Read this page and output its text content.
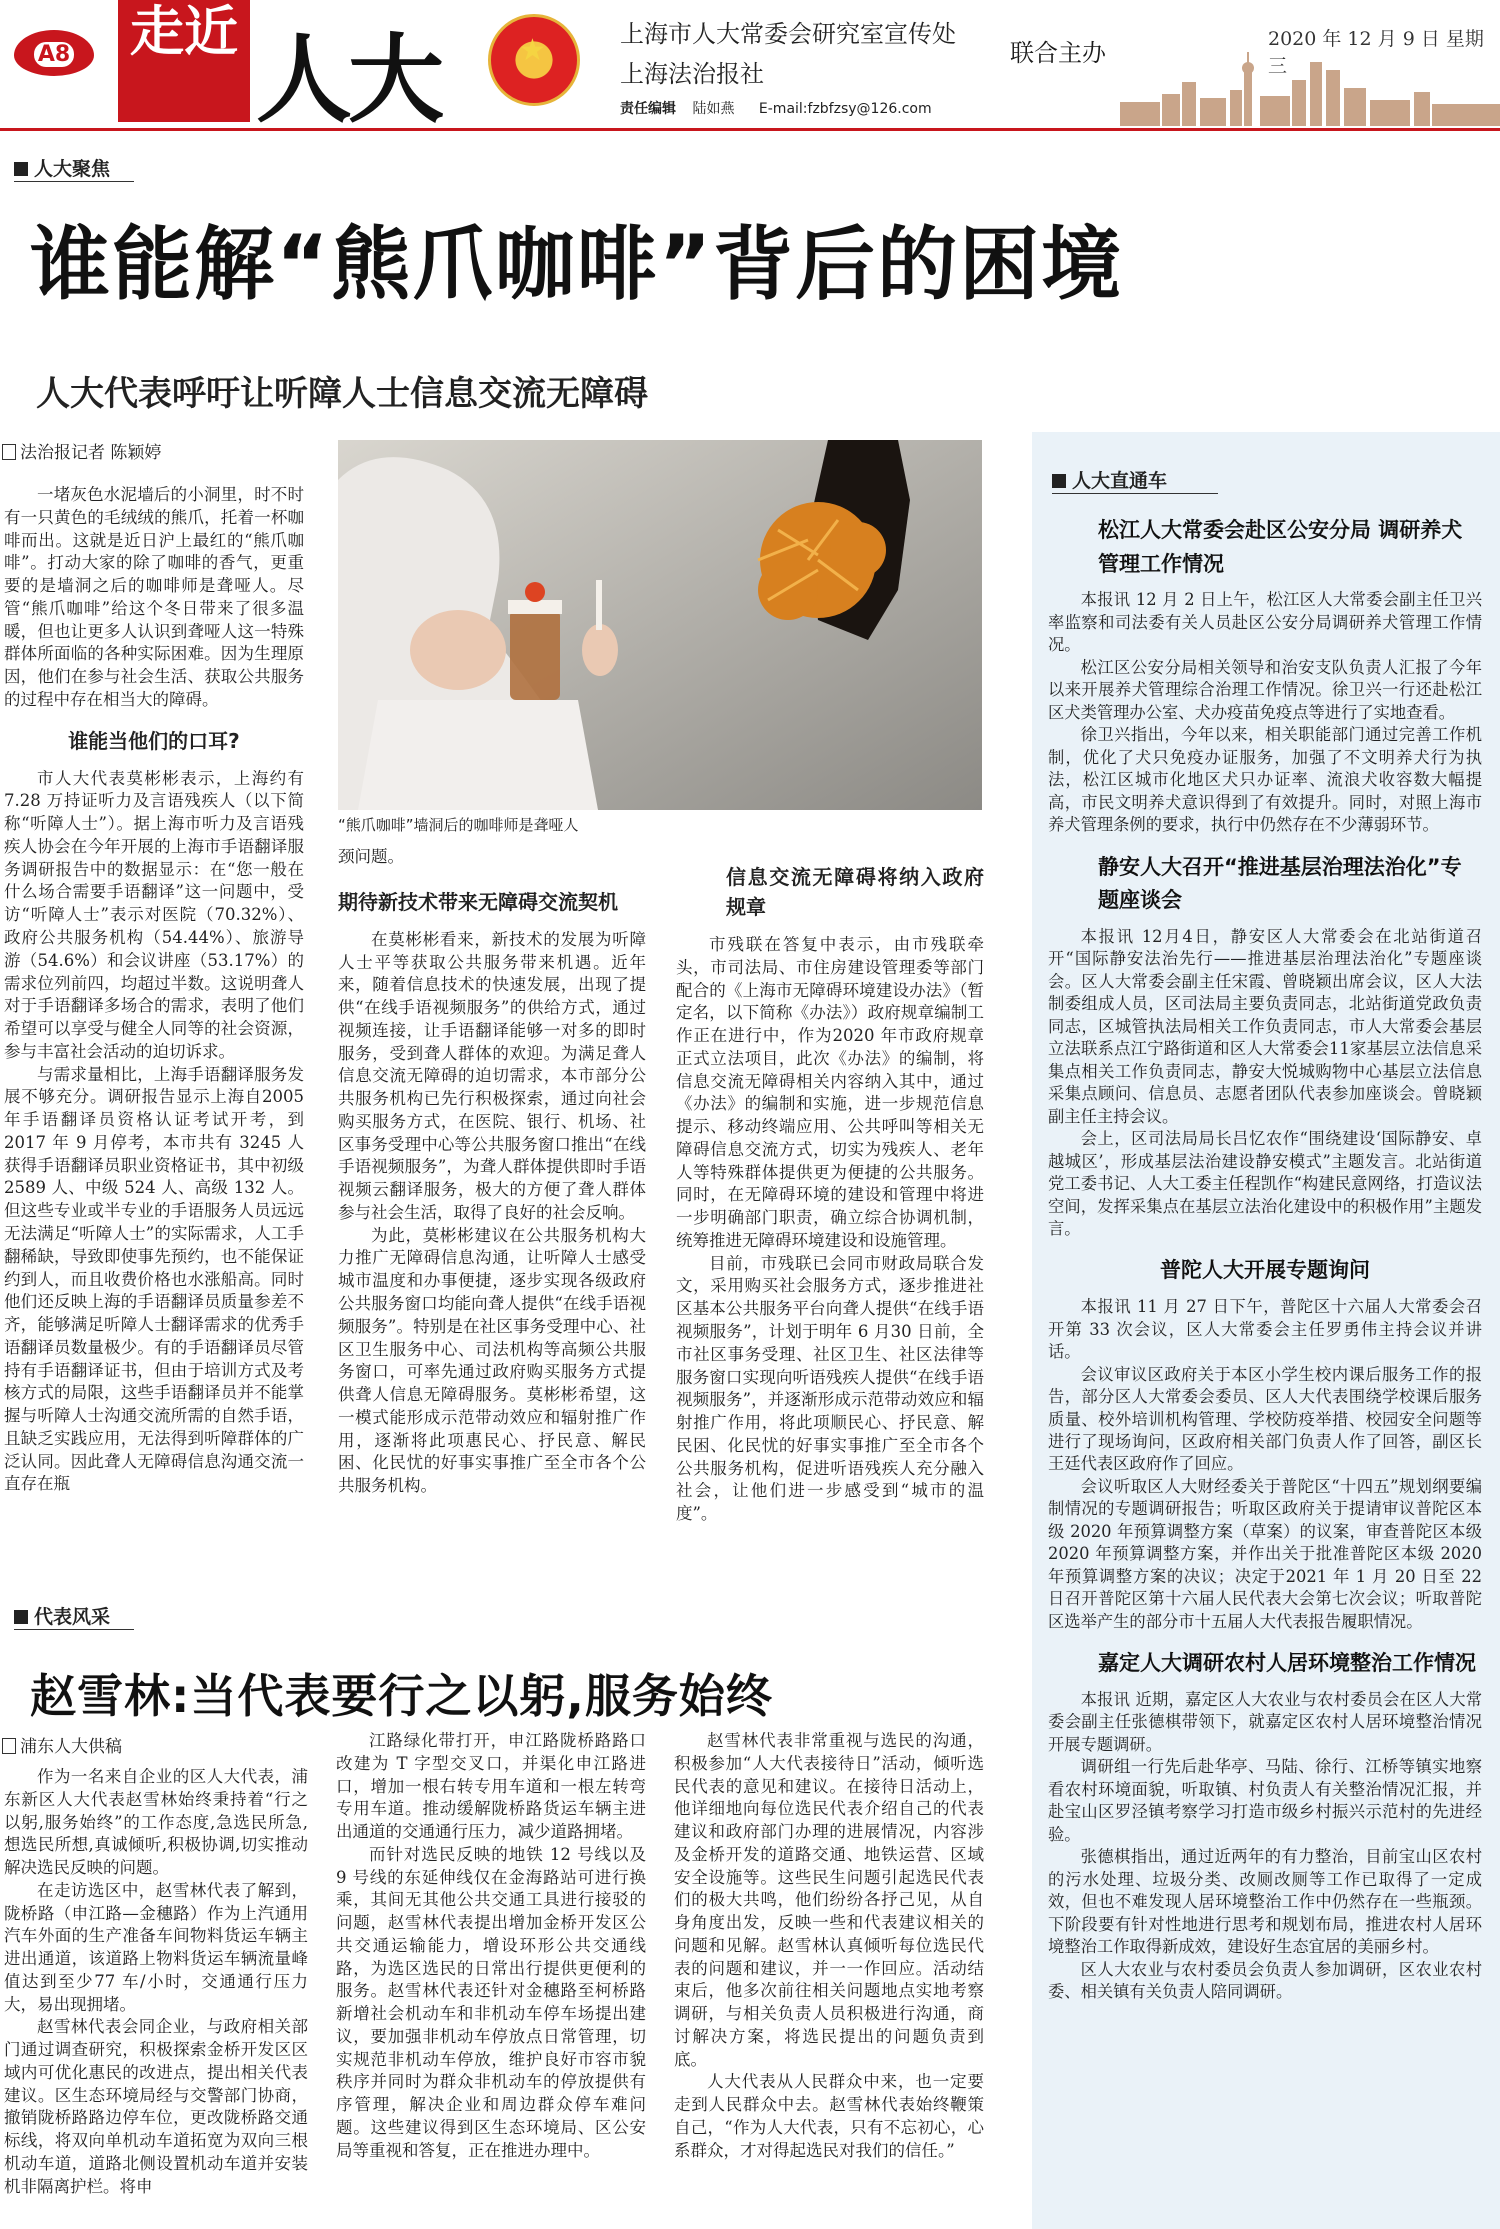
A8	走近 人大
★	上海市人大常委会研究室宣传处
上海法治报社
联合主办
责任编辑 陆如燕 E-mail:fzbfzsy@126.com
2020 年 12 月 9 日 星期三
人大聚焦
谁能解“熊爪咖啡”背后的困境
人大代表呼吁让听障人士信息交流无障碍
法治报记者 陈颖婷

一堵灰色水泥墙后的小洞里，时不时有一只黄色的毛绒绒的熊爪，托着一杯咖啡而出。这就是近日沪上最红的“熊爪咖啡”。打动大家的除了咖啡的香气，更重要的是墙洞之后的咖啡师是聋哑人。尽管“熊爪咖啡”给这个冬日带来了很多温暖，但也让更多人认识到聋哑人这一特殊群体所面临的各种实际困难。因为生理原因，他们在参与社会生活、获取公共服务的过程中存在相当大的障碍。

谁能当他们的口耳?

市人大代表莫彬彬表示，上海约有7.28 万持证听力及言语残疾人（以下简称“听障人士”）。据上海市听力及言语残疾人协会在今年开展的上海市手语翻译服务调研报告中的数据显示：在“您一般在什么场合需要手语翻译”这一问题中，受访“听障人士”表示对医院（70.32%）、政府公共服务机构（54.44%）、旅游导游（54.6%）和会议讲座（53.17%）的需求位列前四，均超过半数。这说明聋人对于手语翻译多场合的需求，表明了他们希望可以享受与健全人同等的社会资源，参与丰富社会活动的迫切诉求。

与需求量相比，上海手语翻译服务发展不够充分。调研报告显示上海自2005 年手语翻译员资格认证考试开考，到 2017 年 9 月停考，本市共有 3245 人获得手语翻译员职业资格证书，其中初级 2589 人、中级 524 人、高级 132 人。但这些专业或半专业的手语服务人员远远无法满足“听障人士”的实际需求，人工手翻稀缺，导致即使事先预约，也不能保证约到人，而且收费价格也水涨船高。同时他们还反映上海的手语翻译员质量参差不齐，能够满足听障人士翻译需求的优秀手语翻译员数量极少。有的手语翻译员尽管持有手语翻译证书，但由于培训方式及考核方式的局限，这些手语翻译员并不能掌握与听障人士沟通交流所需的自然手语，且缺乏实践应用，无法得到听障群体的广泛认同。因此聋人无障碍信息沟通交流一直存在瓶

“熊爪咖啡”墙洞后的咖啡师是聋哑人
颈问题。
期待新技术带来无障碍交流契机

在莫彬彬看来，新技术的发展为听障人士平等获取公共服务带来机遇。近年来，随着信息技术的快速发展，出现了提供“在线手语视频服务”的供给方式，通过视频连接，让手语翻译能够一对多的即时服务，受到聋人群体的欢迎。为满足聋人信息交流无障碍的迫切需求，本市部分公共服务机构已先行积极探索，通过向社会购买服务方式，在医院、银行、机场、社区事务受理中心等公共服务窗口推出“在线手语视频服务”，为聋人群体提供即时手语视频云翻译服务，极大的方便了聋人群体参与社会生活，取得了良好的社会反响。

为此，莫彬彬建议在公共服务机构大力推广无障碍信息沟通，让听障人士感受城市温度和办事便捷，逐步实现各级政府公共服务窗口均能向聋人提供“在线手语视频服务”。特别是在社区事务受理中心、社区卫生服务中心、司法机构等高频公共服务窗口，可率先通过政府购买服务方式提供聋人信息无障碍服务。莫彬彬希望，这一模式能形成示范带动效应和辐射推广作用，逐渐将此项惠民心、抒民意、解民困、化民忧的好事实事推广至全市各个公共服务机构。

信息交流无障碍将纳入政府规章

市残联在答复中表示，由市残联牵头，市司法局、市住房建设管理委等部门配合的《上海市无障碍环境建设办法》（暂定名，以下简称《办法》）政府规章编制工作正在进行中，作为2020 年市政府规章正式立法项目，此次《办法》的编制，将信息交流无障碍相关内容纳入其中，通过《办法》的编制和实施，进一步规范信息提示、移动终端应用、公共呼叫等相关无障碍信息交流方式，切实为残疾人、老年人等特殊群体提供更为便捷的公共服务。同时，在无障碍环境的建设和管理中将进一步明确部门职责，确立综合协调机制，统筹推进无障碍环境建设和设施管理。

目前，市残联已会同市财政局联合发文，采用购买社会服务方式，逐步推进社区基本公共服务平台向聋人提供“在线手语视频服务”，计划于明年 6 月30 日前，全市社区事务受理、社区卫生、社区法律等服务窗口实现向听语残疾人提供“在线手语视频服务”，并逐渐形成示范带动效应和辐射推广作用，将此项顺民心、抒民意、解民困、化民忧的好事实事推广至全市各个公共服务机构，促进听语残疾人充分融入社会，让他们进一步感受到“城市的温度”。

人大直通车
松江人大常委会赴区公安分局 调研养犬管理工作情况

本报讯 12 月 2 日上午，松江区人大常委会副主任卫兴率监察和司法委有关人员赴区公安分局调研养犬管理工作情况。

松江区公安分局相关领导和治安支队负责人汇报了今年以来开展养犬管理综合治理工作情况。徐卫兴一行还赴松江区犬类管理办公室、犬办疫苗免疫点等进行了实地查看。

徐卫兴指出，今年以来，相关职能部门通过完善工作机制，优化了犬只免疫办证服务，加强了不文明养犬行为执法，松江区城市化地区犬只办证率、流浪犬收容数大幅提高，市民文明养犬意识得到了有效提升。同时，对照上海市养犬管理条例的要求，执行中仍然存在不少薄弱环节。

静安人大召开“推进基层治理法治化”专题座谈会

本报讯 12月4日，静安区人大常委会在北站街道召开“国际静安法治先行——推进基层治理法治化”专题座谈会。区人大常委会副主任宋霞、曾晓颖出席会议，区人大法制委组成人员，区司法局主要负责同志，北站街道党政负责同志，区城管执法局相关工作负责同志，市人大常委会基层立法联系点江宁路街道和区人大常委会11家基层立法信息采集点相关工作负责同志，静安大悦城购物中心基层立法信息采集点顾问、信息员、志愿者团队代表参加座谈会。曾晓颖副主任主持会议。

会上，区司法局局长吕忆农作“围绕建设‘国际静安、卓越城区’，形成基层法治建设静安模式”主题发言。北站街道党工委书记、人大工委主任程凯作“构建民意网络，打造议法空间，发挥采集点在基层立法治化建设中的积极作用”主题发言。

普陀人大开展专题询问

本报讯 11 月 27 日下午，普陀区十六届人大常委会召开第 33 次会议，区人大常委会主任罗勇伟主持会议并讲话。

会议审议区政府关于本区小学生校内课后服务工作的报告，部分区人大常委会委员、区人大代表围绕学校课后服务质量、校外培训机构管理、学校防疫举措、校园安全问题等进行了现场询问，区政府相关部门负责人作了回答，副区长王廷代表区政府作了回应。

会议听取区人大财经委关于普陀区“十四五”规划纲要编制情况的专题调研报告；听取区政府关于提请审议普陀区本级 2020 年预算调整方案（草案）的议案，审查普陀区本级 2020 年预算调整方案，并作出关于批准普陀区本级 2020 年预算调整方案的决议；决定于2021 年 1 月 20 日至 22 日召开普陀区第十六届人民代表大会第七次会议；听取普陀区选举产生的部分市十五届人大代表报告履职情况。

嘉定人大调研农村人居环境整治工作情况

本报讯 近期，嘉定区人大农业与农村委员会在区人大常委会副主任张德棋带领下，就嘉定区农村人居环境整治情况开展专题调研。

调研组一行先后赴华亭、马陆、徐行、江桥等镇实地察看农村环境面貌，听取镇、村负责人有关整治情况汇报，并赴宝山区罗泾镇考察学习打造市级乡村振兴示范村的先进经验。

张德棋指出，通过近两年的有力整治，目前宝山区农村的污水处理、垃圾分类、改厕改厕等工作已取得了一定成效，但也不难发现人居环境整治工作中仍然存在一些瓶颈。下阶段要有针对性地进行思考和规划布局，推进农村人居环境整治工作取得新成效，建设好生态宜居的美丽乡村。

区人大农业与农村委员会负责人参加调研，区农业农村委、相关镇有关负责人陪同调研。

代表风采
赵雪林:当代表要行之以躬,服务始终
浦东人大供稿

作为一名来自企业的区人大代表，浦东新区人大代表赵雪林始终秉持着“行之以躬,服务始终”的工作态度,急选民所急,想选民所想,真诚倾听,积极协调,切实推动解决选民反映的问题。

在走访选区中，赵雪林代表了解到，陇桥路（申江路—金穗路）作为上汽通用汽车外面的生产准备车间物料货运车辆主进出通道，该道路上物料货运车辆流量峰值达到至少77 车/小时，交通通行压力大，易出现拥堵。

赵雪林代表会同企业，与政府相关部门通过调查研究，积极探索金桥开发区区域内可优化惠民的改进点，提出相关代表建议。区生态环境局经与交警部门协商，撤销陇桥路路边停车位，更改陇桥路交通标线，将双向单机动车道拓宽为双向三根机动车道，道路北侧设置机动车道并安装机非隔离护栏。将申

江路绿化带打开，申江路陇桥路路口改建为 T 字型交叉口，并渠化申江路进口，增加一根右转专用车道和一根左转弯专用车道。推动缓解陇桥路货运车辆主进出通道的交通通行压力，减少道路拥堵。

而针对选民反映的地铁 12 号线以及 9 号线的东延伸线仅在金海路站可进行换乘，其间无其他公共交通工具进行接驳的问题，赵雪林代表提出增加金桥开发区公共交通运输能力，增设环形公共交通线路，为选区选民的日常出行提供更便利的服务。赵雪林代表还针对金穗路至柯桥路新增社会机动车和非机动车停车场提出建议，要加强非机动车停放点日常管理，切实规范非机动车停放，维护良好市容市貌秩序并同时为群众非机动车的停放提供有序管理，解决企业和周边群众停车难问题。这些建议得到区生态环境局、区公安局等重视和答复，正在推进办理中。

赵雪林代表非常重视与选民的沟通，积极参加“人大代表接待日”活动，倾听选民代表的意见和建议。在接待日活动上，他详细地向每位选民代表介绍自己的代表建议和政府部门办理的进展情况，内容涉及金桥开发的道路交通、地铁运营、区域安全设施等。这些民生问题引起选民代表们的极大共鸣，他们纷纷各抒己见，从自身角度出发，反映一些和代表建议相关的问题和见解。赵雪林认真倾听每位选民代表的问题和建议，并一一作回应。活动结束后，他多次前往相关问题地点实地考察调研，与相关负责人员积极进行沟通，商讨解决方案，将选民提出的问题负责到底。

人大代表从人民群众中来，也一定要走到人民群众中去。赵雪林代表始终鞭策自己，“作为人大代表，只有不忘初心，心系群众，才对得起选民对我们的信任。”
